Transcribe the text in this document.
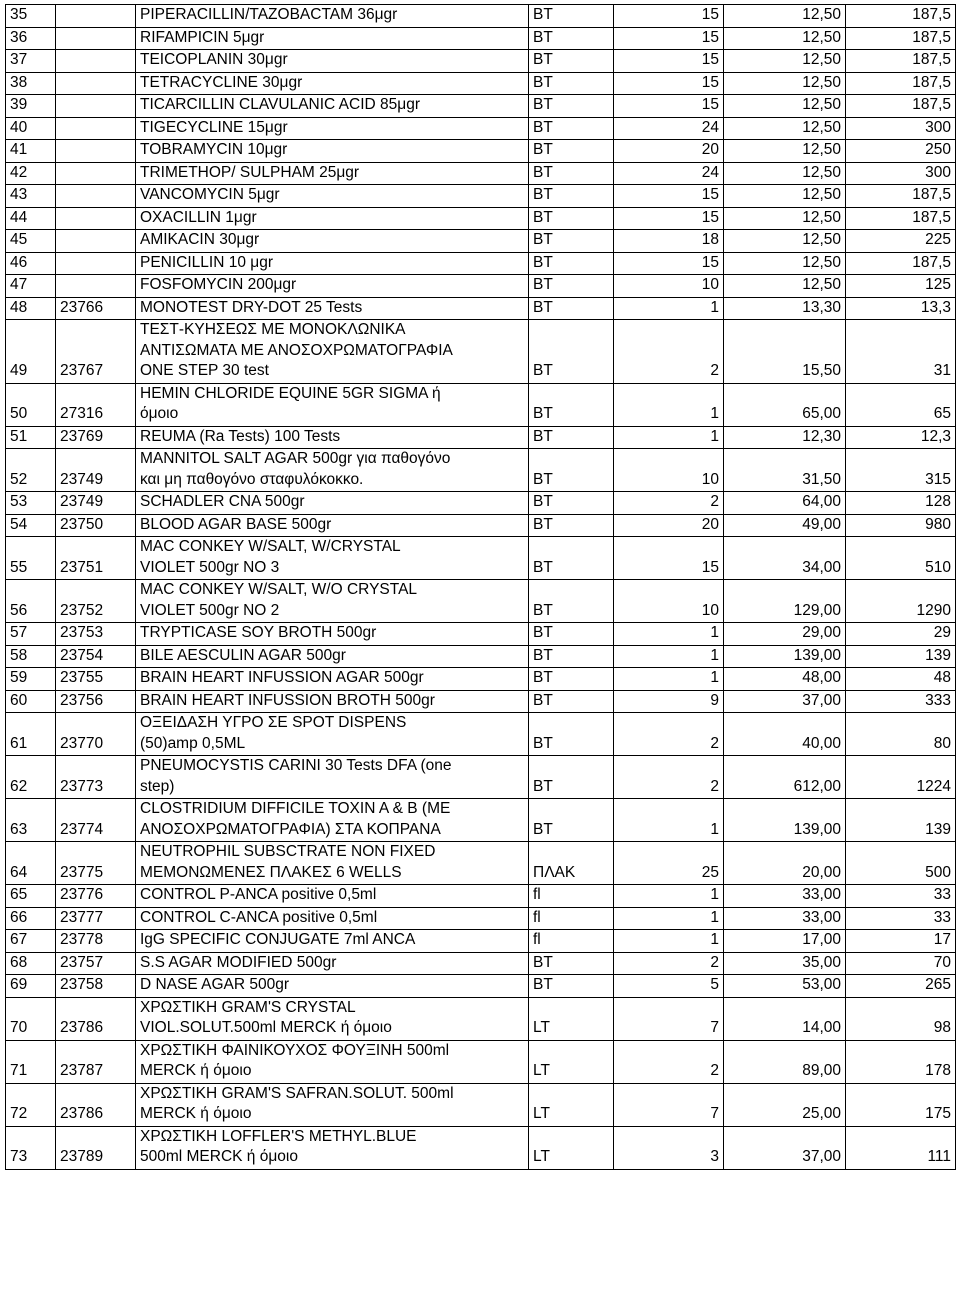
35		PIPERACILLIN/TAZOBACTAM 36μgr	BT	15	12,50	187,5
36		RIFAMPICIN 5μgr	BT	15	12,50	187,5
37		TEICOPLANIN 30μgr	BT	15	12,50	187,5
38		TETRACYCLINE 30μgr	BT	15	12,50	187,5
39		TICARCILLIN CLAVULANIC ACID 85μgr	BT	15	12,50	187,5
40		TIGECYCLINE 15μgr	BT	24	12,50	300
41		TOBRAMYCIN 10μgr	BT	20	12,50	250
42		TRIMETHOP/ SULPHAM 25μgr	BT	24	12,50	300
43		VANCOMYCIN 5μgr	BT	15	12,50	187,5
44		OXACILLIN 1μgr	BT	15	12,50	187,5
45		AMIKACIN 30μgr	BT	18	12,50	225
46		PENICILLIN 10 μgr	BT	15	12,50	187,5
47		FOSFOMYCIN 200μgr	BT	10	12,50	125
48	23766	MONOTEST DRY-DOT 25 Tests	BT	1	13,30	13,3
49	23767	ΤΕΣΤ-ΚΥΗΣΕΩΣ ΜΕ ΜΟΝΟΚΛΩΝΙΚΑ
ΑΝΤΙΣΩΜΑΤΑ ΜΕ ΑΝΟΣΟΧΡΩΜΑΤΟΓΡΑΦΙΑ
ONE STEP 30 test	BT	2	15,50	31
50	27316	HEMIN CHLORIDE EQUINE 5GR SIGMA ή
όμοιο	BT	1	65,00	65
51	23769	REUMA (Ra Tests) 100 Tests	BT	1	12,30	12,3
52	23749	MANNITOL SALT AGAR 500gr για παθογόνο
και μη παθογόνο σταφυλόκοκκο.	BT	10	31,50	315
53	23749	SCHADLER CNA 500gr	BT	2	64,00	128
54	23750	BLOOD AGAR BASE 500gr	BT	20	49,00	980
55	23751	MAC CONKEY W/SALT, W/CRYSTAL
VIOLET 500gr NO 3	BT	15	34,00	510
56	23752	MAC CONKEY W/SALT, W/O CRYSTAL
VIOLET 500gr NO 2	BT	10	129,00	1290
57	23753	TRYPTICASE SOY BROTH 500gr	BT	1	29,00	29
58	23754	BILE AESCULIN AGAR 500gr	BT	1	139,00	139
59	23755	BRAIN HEART INFUSSION AGAR 500gr	BT	1	48,00	48
60	23756	BRAIN HEART INFUSSION BROTH 500gr	BT	9	37,00	333
61	23770	ΟΞΕΙΔΑΣΗ ΥΓΡΟ ΣΕ SPOT DISPENS
(50)amp 0,5ML	BT	2	40,00	80
62	23773	PNEUMOCYSTIS CARINI 30 Tests DFA (one
step)	BT	2	612,00	1224
63	23774	CLOSTRIDIUM DIFFICILE TOXIN A & B (ΜΕ
ΑΝΟΣΟΧΡΩΜΑΤΟΓΡΑΦΙΑ) ΣΤΑ ΚΟΠΡΑΝΑ	BT	1	139,00	139
64	23775	NEUTROPHIL SUBSCTRATE NON FIXED
ΜΕΜΟΝΩΜΕΝΕΣ ΠΛΑΚΕΣ 6 WELLS	ΠΛΑΚ	25	20,00	500
65	23776	CONTROL P-ANCA positive 0,5ml	fl	1	33,00	33
66	23777	CONTROL C-ANCA positive 0,5ml	fl	1	33,00	33
67	23778	IgG SPECIFIC CONJUGATE 7ml ANCA	fl	1	17,00	17
68	23757	S.S AGAR MODIFIED 500gr	BT	2	35,00	70
69	23758	D NASE AGAR 500gr	BT	5	53,00	265
70	23786	ΧΡΩΣΤΙΚΗ GRAM'S CRYSTAL
VIOL.SOLUT.500ml MERCK ή όμοιο	LT	7	14,00	98
71	23787	ΧΡΩΣΤΙΚΗ ΦΑΙΝΙΚΟΥΧΟΣ ΦΟΥΞΙΝΗ 500ml
MERCK ή όμοιο	LT	2	89,00	178
72	23786	ΧΡΩΣΤΙΚΗ GRAM'S SAFRAN.SOLUT. 500ml
MERCK ή όμοιο	LT	7	25,00	175
73	23789	ΧΡΩΣΤΙΚΗ LOFFLER'S METHYL.BLUE
500ml MERCK ή όμοιο	LT	3	37,00	111
